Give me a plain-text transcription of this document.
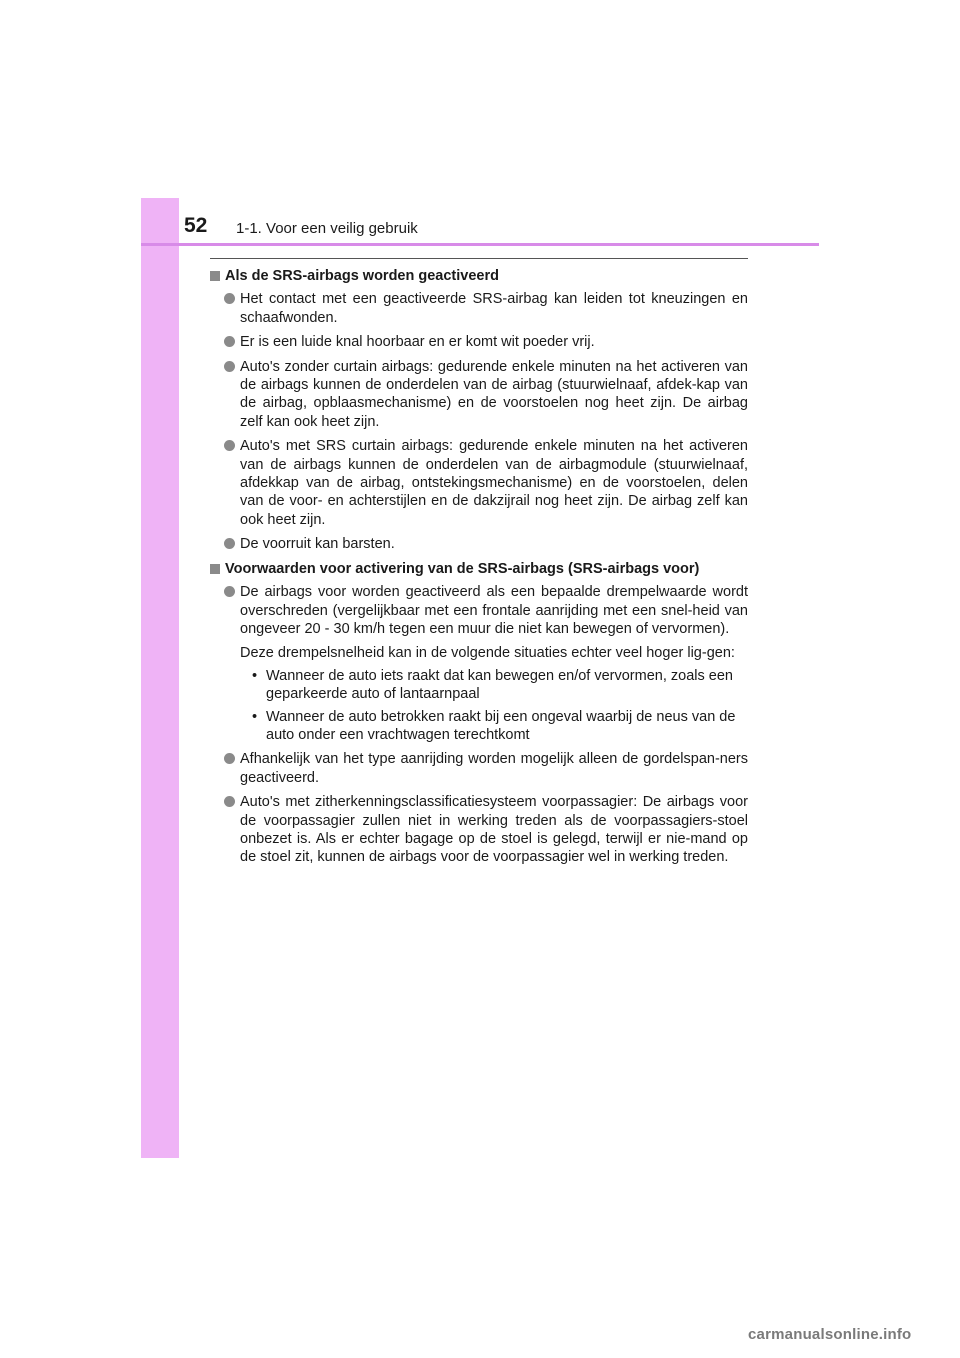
52 1-1. Voor een veilig gebruik
Als de SRS-airbags worden geactiveerd

Het contact met een geactiveerde SRS-airbag kan leiden tot kneuzingen en schaafwonden.

Er is een luide knal hoorbaar en er komt wit poeder vrij.

Auto's zonder curtain airbags: gedurende enkele minuten na het activeren van de airbags kunnen de onderdelen van de airbag (stuurwielnaaf, afdek-kap van de airbag, opblaasmechanisme) en de voorstoelen nog heet zijn. De airbag zelf kan ook heet zijn.

Auto's met SRS curtain airbags: gedurende enkele minuten na het activeren van de airbags kunnen de onderdelen van de airbagmodule (stuurwielnaaf, afdekkap van de airbag, ontstekingsmechanisme) en de voorstoelen, delen van de voor- en achterstijlen en de dakzijrail nog heet zijn. De airbag zelf kan ook heet zijn.

De voorruit kan barsten.

Voorwaarden voor activering van de SRS-airbags (SRS-airbags voor)

De airbags voor worden geactiveerd als een bepaalde drempelwaarde wordt overschreden (vergelijkbaar met een frontale aanrijding met een snel-heid van ongeveer 20 - 30 km/h tegen een muur die niet kan bewegen of vervormen).

Deze drempelsnelheid kan in de volgende situaties echter veel hoger lig-gen:

• Wanneer de auto iets raakt dat kan bewegen en/of vervormen, zoals een geparkeerde auto of lantaarnpaal
• Wanneer de auto betrokken raakt bij een ongeval waarbij de neus van de auto onder een vrachtwagen terechtkomt

Afhankelijk van het type aanrijding worden mogelijk alleen de gordelspan-ners geactiveerd.

Auto's met zitherkenningsclassificatiesysteem voorpassagier: De airbags voor de voorpassagier zullen niet in werking treden als de voorpassagiers-stoel onbezet is. Als er echter bagage op de stoel is gelegd, terwijl er nie-mand op de stoel zit, kunnen de airbags voor de voorpassagier wel in werking treden.

carmanualsonline.info
